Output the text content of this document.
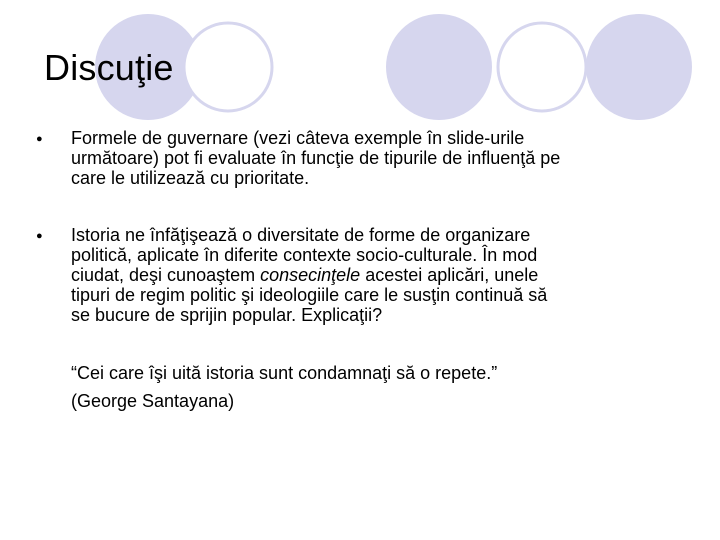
Discuţie
● Formele de guvernare (vezi câteva exemple în slide-urile
următoare) pot fi evaluate în funcţie de tipurile de influenţă pe
care le utilizează cu prioritate.
● Istoria ne înfăţişează o diversitate de forme de organizare
politică, aplicate în diferite contexte socio-culturale. În mod
ciudat, deşi cunoaştem consecinţele acestei aplicări, unele
tipuri de regim politic şi ideologiile care le susţin continuă să
se bucure de sprijin popular. Explicaţii?
“Cei care îşi uită istoria sunt condamnaţi să o repete.”
(George Santayana)
